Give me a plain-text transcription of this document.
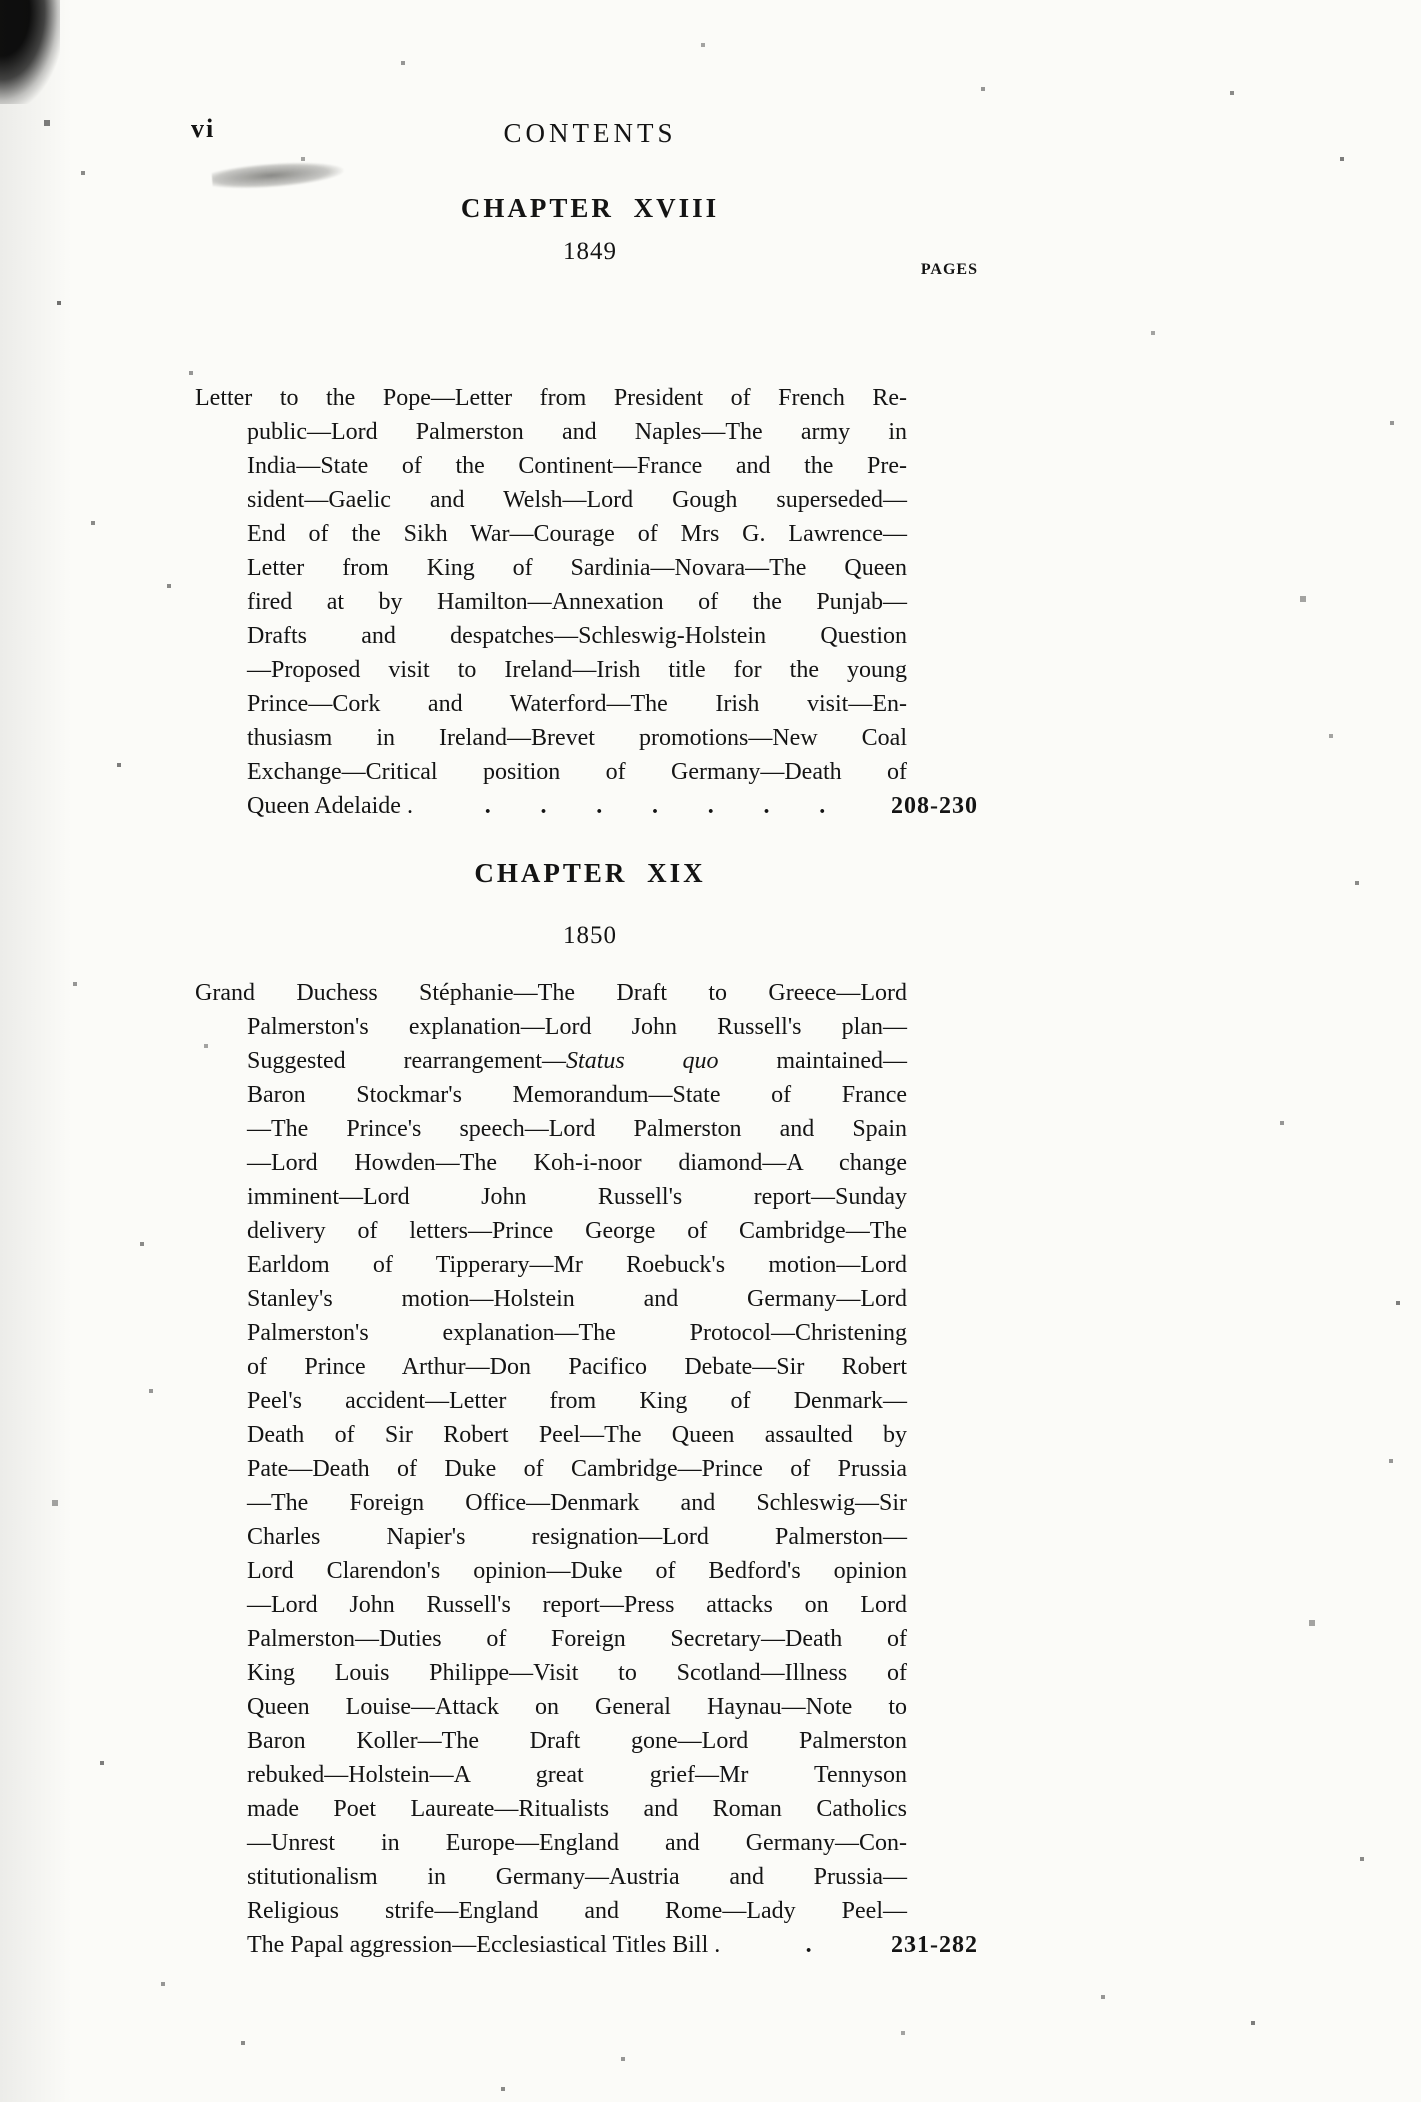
vi	CONTENTS
PAGES
CHAPTER XVIII
1849
Letter to the Pope—Letter from President of French Re-
public—Lord Palmerston and Naples—The army in
India—State of the Continent—France and the Pre-
sident—Gaelic and Welsh—Lord Gough superseded—
End of the Sikh War—Courage of Mrs G. Lawrence—
Letter from King of Sardinia—Novara—The Queen
fired at by Hamilton—Annexation of the Punjab—
Drafts and despatches—Schleswig-Holstein Question
—Proposed visit to Ireland—Irish title for the young
Prince—Cork and Waterford—The Irish visit—En-
thusiasm in Ireland—Brevet promotions—New Coal
Exchange—Critical position of Germany—Death of
Queen Adelaide .	. . . . . . .	208-230
CHAPTER XIX
1850
Grand Duchess Stéphanie—The Draft to Greece—Lord
Palmerston's explanation—Lord John Russell's plan—
Suggested rearrangement—Status quo maintained—
Baron Stockmar's Memorandum—State of France
—The Prince's speech—Lord Palmerston and Spain
—Lord Howden—The Koh-i-noor diamond—A change
imminent—Lord John Russell's report—Sunday
delivery of letters—Prince George of Cambridge—The
Earldom of Tipperary—Mr Roebuck's motion—Lord
Stanley's motion—Holstein and Germany—Lord
Palmerston's explanation—The Protocol—Christening
of Prince Arthur—Don Pacifico Debate—Sir Robert
Peel's accident—Letter from King of Denmark—
Death of Sir Robert Peel—The Queen assaulted by
Pate—Death of Duke of Cambridge—Prince of Prussia
—The Foreign Office—Denmark and Schleswig—Sir
Charles Napier's resignation—Lord Palmerston—
Lord Clarendon's opinion—Duke of Bedford's opinion
—Lord John Russell's report—Press attacks on Lord
Palmerston—Duties of Foreign Secretary—Death of
King Louis Philippe—Visit to Scotland—Illness of
Queen Louise—Attack on General Haynau—Note to
Baron Koller—The Draft gone—Lord Palmerston
rebuked—Holstein—A great grief—Mr Tennyson
made Poet Laureate—Ritualists and Roman Catholics
—Unrest in Europe—England and Germany—Con-
stitutionalism in Germany—Austria and Prussia—
Religious strife—England and Rome—Lady Peel—
The Papal aggression—Ecclesiastical Titles Bill .	.	231-282
